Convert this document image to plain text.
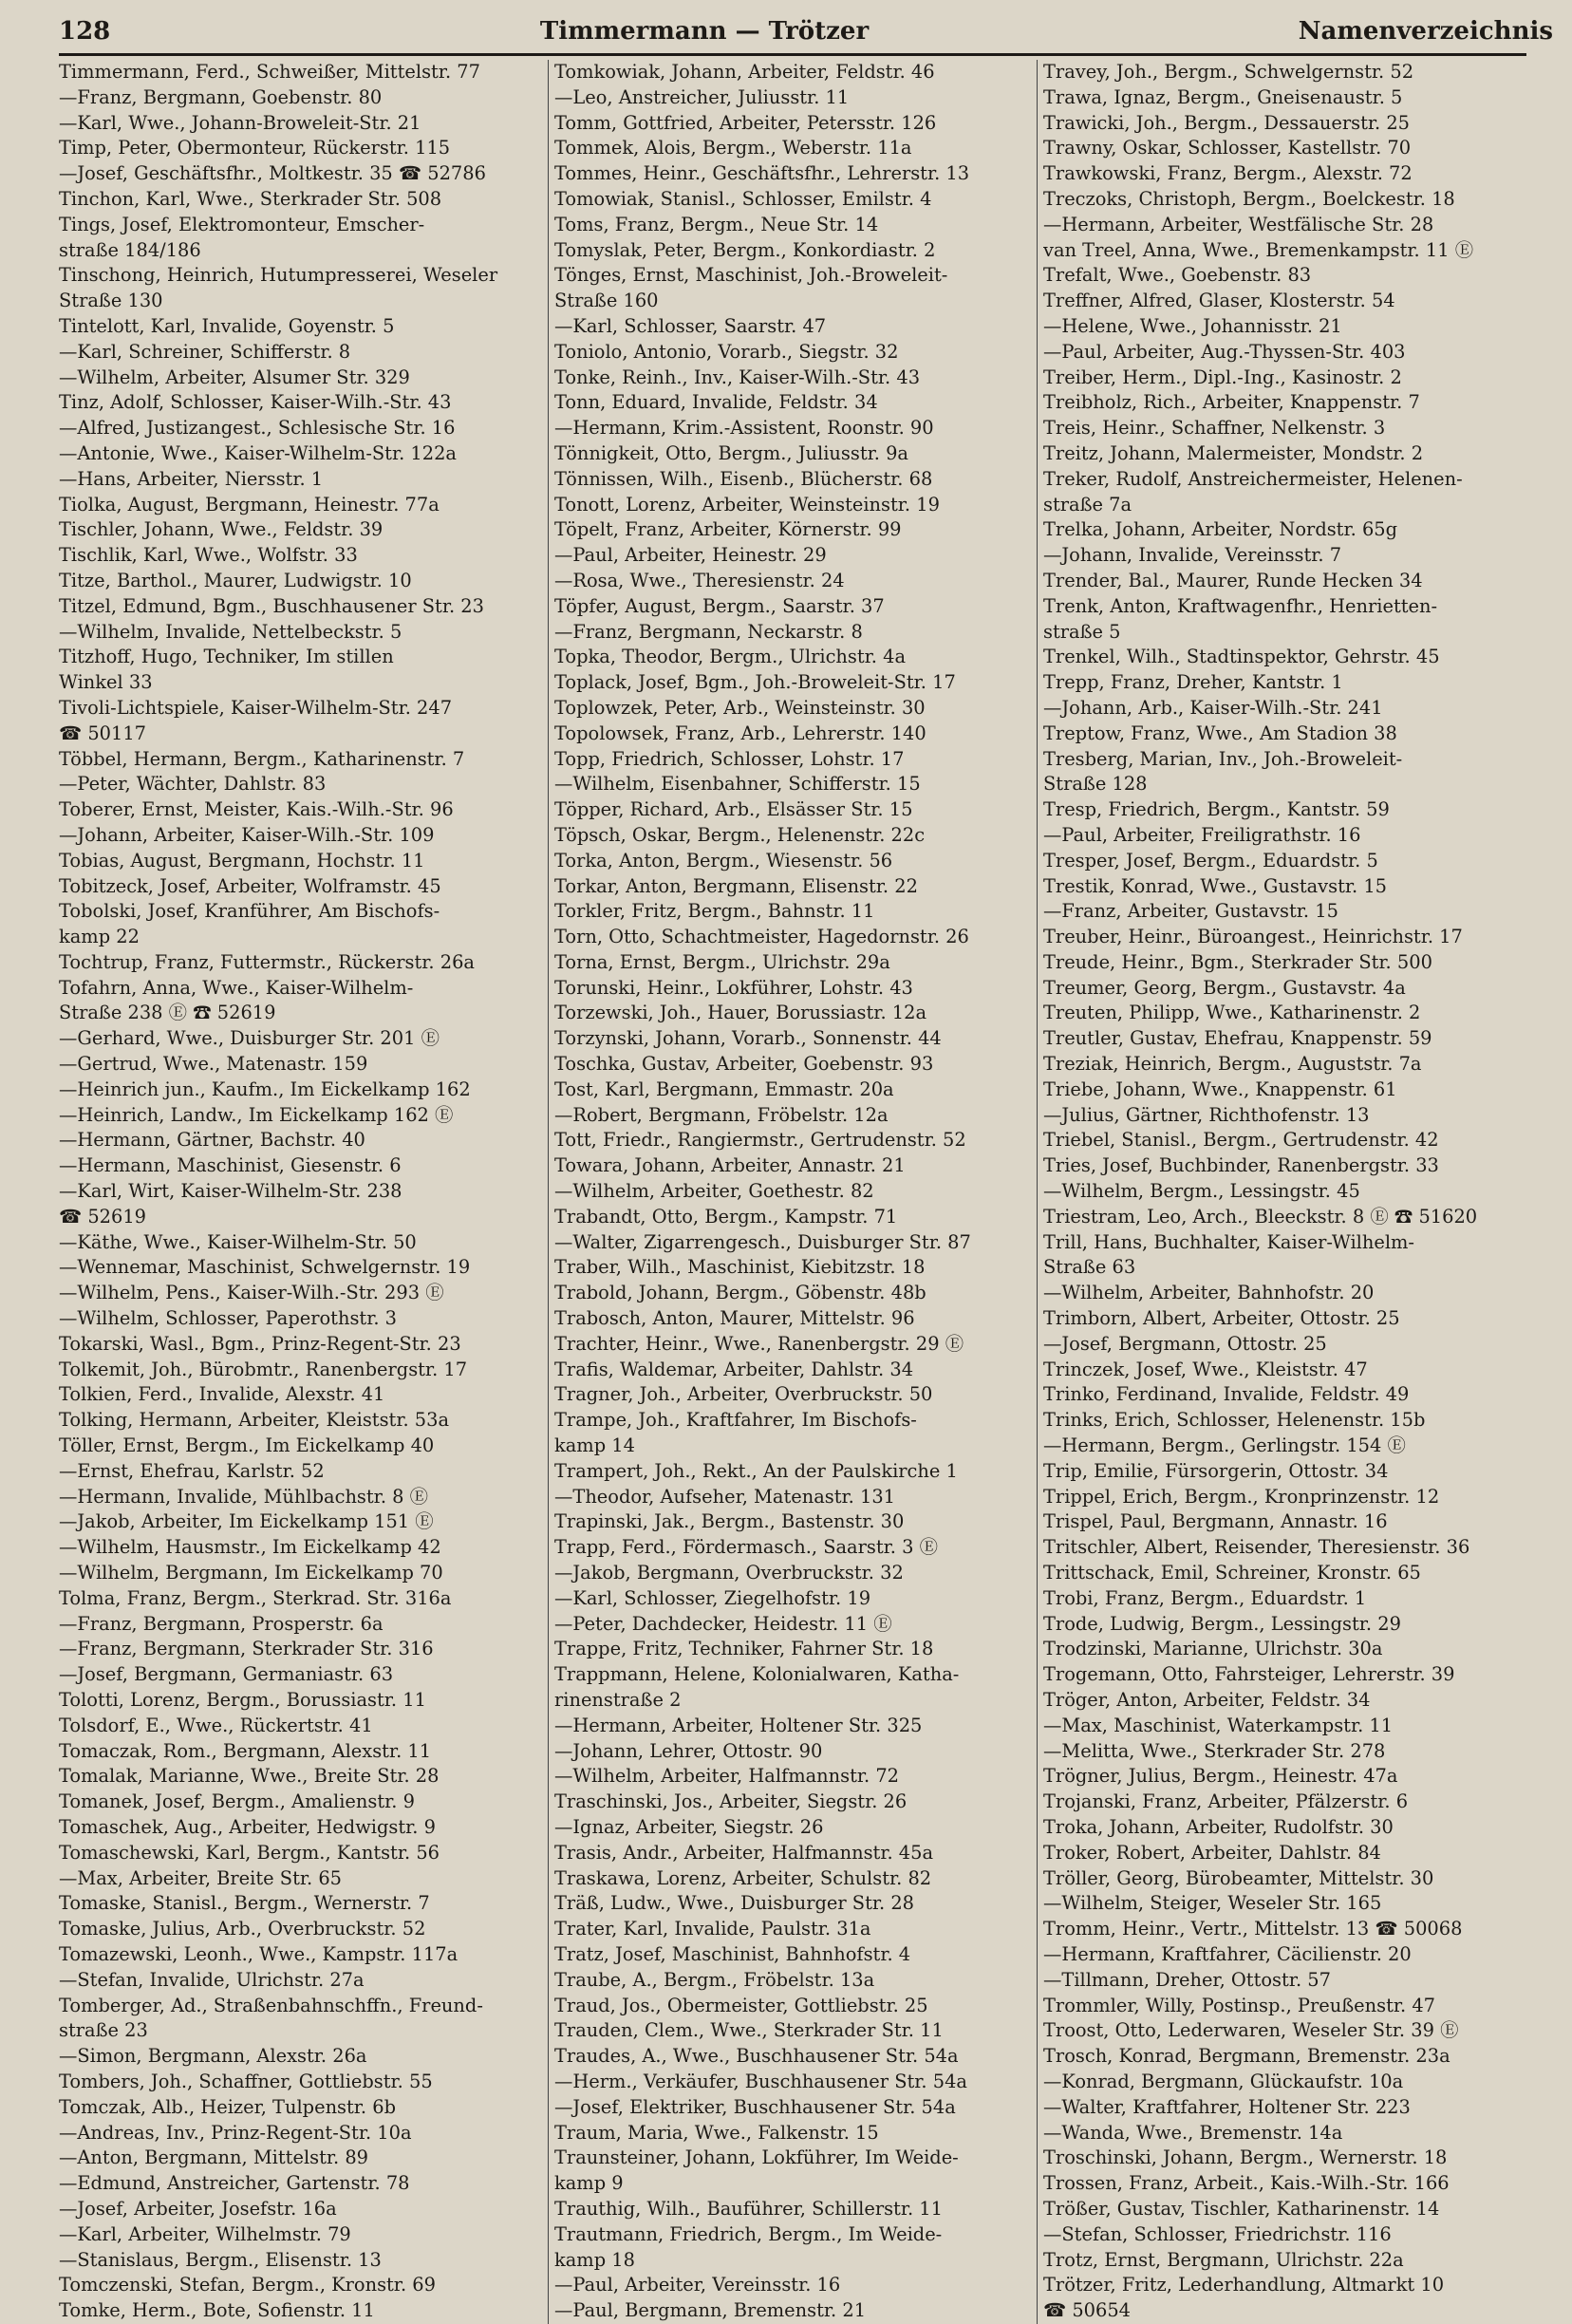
128	Timmermann — Trötzer	Namenverzeichnis
Timmermann, Ferd., Schweißer, Mittelstr. 77
—Franz, Bergmann, Goebenstr. 80
—Karl, Wwe., Johann-Broweleit-Str. 21
Timp, Peter, Obermonteur, Rückerstr. 115
—Josef, Geschäftsfhr., Moltkestr. 35 ☎ 52786
Tinchon, Karl, Wwe., Sterkrader Str. 508
Tings, Josef, Elektromonteur, Emscher-
straße 184/186
Tinschong, Heinrich, Hutumpresserei, Weseler
Straße 130
Tintelott, Karl, Invalide, Goyenstr. 5
—Karl, Schreiner, Schifferstr. 8
—Wilhelm, Arbeiter, Alsumer Str. 329
Tinz, Adolf, Schlosser, Kaiser-Wilh.-Str. 43
—Alfred, Justizangest., Schlesische Str. 16
—Antonie, Wwe., Kaiser-Wilhelm-Str. 122a
—Hans, Arbeiter, Niersstr. 1
Tiolka, August, Bergmann, Heinestr. 77a
Tischler, Johann, Wwe., Feldstr. 39
Tischlik, Karl, Wwe., Wolfstr. 33
Titze, Barthol., Maurer, Ludwigstr. 10
Titzel, Edmund, Bgm., Buschhausener Str. 23
—Wilhelm, Invalide, Nettelbeckstr. 5
Titzhoff, Hugo, Techniker, Im stillen
Winkel 33
Tivoli-Lichtspiele, Kaiser-Wilhelm-Str. 247
☎ 50117
Többel, Hermann, Bergm., Katharinenstr. 7
—Peter, Wächter, Dahlstr. 83
Toberer, Ernst, Meister, Kais.-Wilh.-Str. 96
—Johann, Arbeiter, Kaiser-Wilh.-Str. 109
Tobias, August, Bergmann, Hochstr. 11
Tobitzeck, Josef, Arbeiter, Wolframstr. 45
Tobolski, Josef, Kranführer, Am Bischofs-
kamp 22
Tochtrup, Franz, Futtermstr., Rückerstr. 26a
Tofahrn, Anna, Wwe., Kaiser-Wilhelm-
Straße 238 Ⓔ ☎ 52619
—Gerhard, Wwe., Duisburger Str. 201 Ⓔ
—Gertrud, Wwe., Matenastr. 159
—Heinrich jun., Kaufm., Im Eickelkamp 162
—Heinrich, Landw., Im Eickelkamp 162 Ⓔ
—Hermann, Gärtner, Bachstr. 40
—Hermann, Maschinist, Giesenstr. 6
—Karl, Wirt, Kaiser-Wilhelm-Str. 238
☎ 52619
—Käthe, Wwe., Kaiser-Wilhelm-Str. 50
—Wennemar, Maschinist, Schwelgernstr. 19
—Wilhelm, Pens., Kaiser-Wilh.-Str. 293 Ⓔ
—Wilhelm, Schlosser, Paperothstr. 3
Tokarski, Wasl., Bgm., Prinz-Regent-Str. 23
Tolkemit, Joh., Bürobmtr., Ranenbergstr. 17
Tolkien, Ferd., Invalide, Alexstr. 41
Tolking, Hermann, Arbeiter, Kleiststr. 53a
Töller, Ernst, Bergm., Im Eickelkamp 40
—Ernst, Ehefrau, Karlstr. 52
—Hermann, Invalide, Mühlbachstr. 8 Ⓔ
—Jakob, Arbeiter, Im Eickelkamp 151 Ⓔ
—Wilhelm, Hausmstr., Im Eickelkamp 42
—Wilhelm, Bergmann, Im Eickelkamp 70
Tolma, Franz, Bergm., Sterkrad. Str. 316a
—Franz, Bergmann, Prosperstr. 6a
—Franz, Bergmann, Sterkrader Str. 316
—Josef, Bergmann, Germaniastr. 63
Tolotti, Lorenz, Bergm., Borussiastr. 11
Tolsdorf, E., Wwe., Rückertstr. 41
Tomaczak, Rom., Bergmann, Alexstr. 11
Tomalak, Marianne, Wwe., Breite Str. 28
Tomanek, Josef, Bergm., Amalienstr. 9
Tomaschek, Aug., Arbeiter, Hedwigstr. 9
Tomaschewski, Karl, Bergm., Kantstr. 56
—Max, Arbeiter, Breite Str. 65
Tomaske, Stanisl., Bergm., Wernerstr. 7
Tomaske, Julius, Arb., Overbruckstr. 52
Tomazewski, Leonh., Wwe., Kampstr. 117a
—Stefan, Invalide, Ulrichstr. 27a
Tomberger, Ad., Straßenbahnschffn., Freund-
straße 23
—Simon, Bergmann, Alexstr. 26a
Tombers, Joh., Schaffner, Gottliebstr. 55
Tomczak, Alb., Heizer, Tulpenstr. 6b
—Andreas, Inv., Prinz-Regent-Str. 10a
—Anton, Bergmann, Mittelstr. 89
—Edmund, Anstreicher, Gartenstr. 78
—Josef, Arbeiter, Josefstr. 16a
—Karl, Arbeiter, Wilhelmstr. 79
—Stanislaus, Bergm., Elisenstr. 13
Tomczenski, Stefan, Bergm., Kronstr. 69
Tomke, Herm., Bote, Sofienstr. 11
Tomkowiak, Johann, Arbeiter, Feldstr. 46
—Leo, Anstreicher, Juliusstr. 11
Tomm, Gottfried, Arbeiter, Petersstr. 126
Tommek, Alois, Bergm., Weberstr. 11a
Tommes, Heinr., Geschäftsfhr., Lehrerstr. 13
Tomowiak, Stanisl., Schlosser, Emilstr. 4
Toms, Franz, Bergm., Neue Str. 14
Tomyslak, Peter, Bergm., Konkordiastr. 2
Tönges, Ernst, Maschinist, Joh.-Broweleit-
Straße 160
—Karl, Schlosser, Saarstr. 47
Toniolo, Antonio, Vorarb., Siegstr. 32
Tonke, Reinh., Inv., Kaiser-Wilh.-Str. 43
Tonn, Eduard, Invalide, Feldstr. 34
—Hermann, Krim.-Assistent, Roonstr. 90
Tönnigkeit, Otto, Bergm., Juliusstr. 9a
Tönnissen, Wilh., Eisenb., Blücherstr. 68
Tonott, Lorenz, Arbeiter, Weinsteinstr. 19
Töpelt, Franz, Arbeiter, Körnerstr. 99
—Paul, Arbeiter, Heinestr. 29
—Rosa, Wwe., Theresienstr. 24
Töpfer, August, Bergm., Saarstr. 37
—Franz, Bergmann, Neckarstr. 8
Topka, Theodor, Bergm., Ulrichstr. 4a
Toplack, Josef, Bgm., Joh.-Broweleit-Str. 17
Toplowzek, Peter, Arb., Weinsteinstr. 30
Topolowsek, Franz, Arb., Lehrerstr. 140
Topp, Friedrich, Schlosser, Lohstr. 17
—Wilhelm, Eisenbahner, Schifferstr. 15
Töpper, Richard, Arb., Elsässer Str. 15
Töpsch, Oskar, Bergm., Helenenstr. 22c
Torka, Anton, Bergm., Wiesenstr. 56
Torkar, Anton, Bergmann, Elisenstr. 22
Torkler, Fritz, Bergm., Bahnstr. 11
Torn, Otto, Schachtmeister, Hagedornstr. 26
Torna, Ernst, Bergm., Ulrichstr. 29a
Torunski, Heinr., Lokführer, Lohstr. 43
Torzewski, Joh., Hauer, Borussiastr. 12a
Torzynski, Johann, Vorarb., Sonnenstr. 44
Toschka, Gustav, Arbeiter, Goebenstr. 93
Tost, Karl, Bergmann, Emmastr. 20a
—Robert, Bergmann, Fröbelstr. 12a
Tott, Friedr., Rangiermstr., Gertrudenstr. 52
Towara, Johann, Arbeiter, Annastr. 21
—Wilhelm, Arbeiter, Goethestr. 82
Trabandt, Otto, Bergm., Kampstr. 71
—Walter, Zigarrengesch., Duisburger Str. 87
Traber, Wilh., Maschinist, Kiebitzstr. 18
Trabold, Johann, Bergm., Göbenstr. 48b
Trabosch, Anton, Maurer, Mittelstr. 96
Trachter, Heinr., Wwe., Ranenbergstr. 29 Ⓔ
Trafis, Waldemar, Arbeiter, Dahlstr. 34
Tragner, Joh., Arbeiter, Overbruckstr. 50
Trampe, Joh., Kraftfahrer, Im Bischofs-
kamp 14
Trampert, Joh., Rekt., An der Paulskirche 1
—Theodor, Aufseher, Matenastr. 131
Trapinski, Jak., Bergm., Bastenstr. 30
Trapp, Ferd., Fördermasch., Saarstr. 3 Ⓔ
—Jakob, Bergmann, Overbruckstr. 32
—Karl, Schlosser, Ziegelhofstr. 19
—Peter, Dachdecker, Heidestr. 11 Ⓔ
Trappe, Fritz, Techniker, Fahrner Str. 18
Trappmann, Helene, Kolonialwaren, Katha-
rinenstraße 2
—Hermann, Arbeiter, Holtener Str. 325
—Johann, Lehrer, Ottostr. 90
—Wilhelm, Arbeiter, Halfmannstr. 72
Traschinski, Jos., Arbeiter, Siegstr. 26
—Ignaz, Arbeiter, Siegstr. 26
Trasis, Andr., Arbeiter, Halfmannstr. 45a
Traskawa, Lorenz, Arbeiter, Schulstr. 82
Träß, Ludw., Wwe., Duisburger Str. 28
Trater, Karl, Invalide, Paulstr. 31a
Tratz, Josef, Maschinist, Bahnhofstr. 4
Traube, A., Bergm., Fröbelstr. 13a
Traud, Jos., Obermeister, Gottliebstr. 25
Trauden, Clem., Wwe., Sterkrader Str. 11
Traudes, A., Wwe., Buschhausener Str. 54a
—Herm., Verkäufer, Buschhausener Str. 54a
—Josef, Elektriker, Buschhausener Str. 54a
Traum, Maria, Wwe., Falkenstr. 15
Traunsteiner, Johann, Lokführer, Im Weide-
kamp 9
Trauthig, Wilh., Bauführer, Schillerstr. 11
Trautmann, Friedrich, Bergm., Im Weide-
kamp 18
—Paul, Arbeiter, Vereinsstr. 16
—Paul, Bergmann, Bremenstr. 21
Travey, Joh., Bergm., Schwelgernstr. 52
Trawa, Ignaz, Bergm., Gneisenaustr. 5
Trawicki, Joh., Bergm., Dessauerstr. 25
Trawny, Oskar, Schlosser, Kastellstr. 70
Trawkowski, Franz, Bergm., Alexstr. 72
Treczoks, Christoph, Bergm., Boelckestr. 18
—Hermann, Arbeiter, Westfälische Str. 28
van Treel, Anna, Wwe., Bremenkampstr. 11 Ⓔ
Trefalt, Wwe., Goebenstr. 83
Treffner, Alfred, Glaser, Klosterstr. 54
—Helene, Wwe., Johannisstr. 21
—Paul, Arbeiter, Aug.-Thyssen-Str. 403
Treiber, Herm., Dipl.-Ing., Kasinostr. 2
Treibholz, Rich., Arbeiter, Knappenstr. 7
Treis, Heinr., Schaffner, Nelkenstr. 3
Treitz, Johann, Malermeister, Mondstr. 2
Treker, Rudolf, Anstreichermeister, Helenen-
straße 7a
Trelka, Johann, Arbeiter, Nordstr. 65g
—Johann, Invalide, Vereinsstr. 7
Trender, Bal., Maurer, Runde Hecken 34
Trenk, Anton, Kraftwagenfhr., Henrietten-
straße 5
Trenkel, Wilh., Stadtinspektor, Gehrstr. 45
Trepp, Franz, Dreher, Kantstr. 1
—Johann, Arb., Kaiser-Wilh.-Str. 241
Treptow, Franz, Wwe., Am Stadion 38
Tresberg, Marian, Inv., Joh.-Broweleit-
Straße 128
Tresp, Friedrich, Bergm., Kantstr. 59
—Paul, Arbeiter, Freiligrathstr. 16
Tresper, Josef, Bergm., Eduardstr. 5
Trestik, Konrad, Wwe., Gustavstr. 15
—Franz, Arbeiter, Gustavstr. 15
Treuber, Heinr., Büroangest., Heinrichstr. 17
Treude, Heinr., Bgm., Sterkrader Str. 500
Treumer, Georg, Bergm., Gustavstr. 4a
Treuten, Philipp, Wwe., Katharinenstr. 2
Treutler, Gustav, Ehefrau, Knappenstr. 59
Treziak, Heinrich, Bergm., Auguststr. 7a
Triebe, Johann, Wwe., Knappenstr. 61
—Julius, Gärtner, Richthofenstr. 13
Triebel, Stanisl., Bergm., Gertrudenstr. 42
Tries, Josef, Buchbinder, Ranenbergstr. 33
—Wilhelm, Bergm., Lessingstr. 45
Triestram, Leo, Arch., Bleeckstr. 8 Ⓔ ☎ 51620
Trill, Hans, Buchhalter, Kaiser-Wilhelm-
Straße 63
—Wilhelm, Arbeiter, Bahnhofstr. 20
Trimborn, Albert, Arbeiter, Ottostr. 25
—Josef, Bergmann, Ottostr. 25
Trinczek, Josef, Wwe., Kleiststr. 47
Trinko, Ferdinand, Invalide, Feldstr. 49
Trinks, Erich, Schlosser, Helenenstr. 15b
—Hermann, Bergm., Gerlingstr. 154 Ⓔ
Trip, Emilie, Fürsorgerin, Ottostr. 34
Trippel, Erich, Bergm., Kronprinzenstr. 12
Trispel, Paul, Bergmann, Annastr. 16
Tritschler, Albert, Reisender, Theresienstr. 36
Trittschack, Emil, Schreiner, Kronstr. 65
Trobi, Franz, Bergm., Eduardstr. 1
Trode, Ludwig, Bergm., Lessingstr. 29
Trodzinski, Marianne, Ulrichstr. 30a
Trogemann, Otto, Fahrsteiger, Lehrerstr. 39
Tröger, Anton, Arbeiter, Feldstr. 34
—Max, Maschinist, Waterkampstr. 11
—Melitta, Wwe., Sterkrader Str. 278
Trögner, Julius, Bergm., Heinestr. 47a
Trojanski, Franz, Arbeiter, Pfälzerstr. 6
Troka, Johann, Arbeiter, Rudolfstr. 30
Troker, Robert, Arbeiter, Dahlstr. 84
Tröller, Georg, Bürobeamter, Mittelstr. 30
—Wilhelm, Steiger, Weseler Str. 165
Tromm, Heinr., Vertr., Mittelstr. 13 ☎ 50068
—Hermann, Kraftfahrer, Cäcilienstr. 20
—Tillmann, Dreher, Ottostr. 57
Trommler, Willy, Postinsp., Preußenstr. 47
Troost, Otto, Lederwaren, Weseler Str. 39 Ⓔ
Trosch, Konrad, Bergmann, Bremenstr. 23a
—Konrad, Bergmann, Glückaufstr. 10a
—Walter, Kraftfahrer, Holtener Str. 223
—Wanda, Wwe., Bremenstr. 14a
Troschinski, Johann, Bergm., Wernerstr. 18
Trossen, Franz, Arbeit., Kais.-Wilh.-Str. 166
Trößer, Gustav, Tischler, Katharinenstr. 14
—Stefan, Schlosser, Friedrichstr. 116
Trotz, Ernst, Bergmann, Ulrichstr. 22a
Trötzer, Fritz, Lederhandlung, Altmarkt 10
☎ 50654
